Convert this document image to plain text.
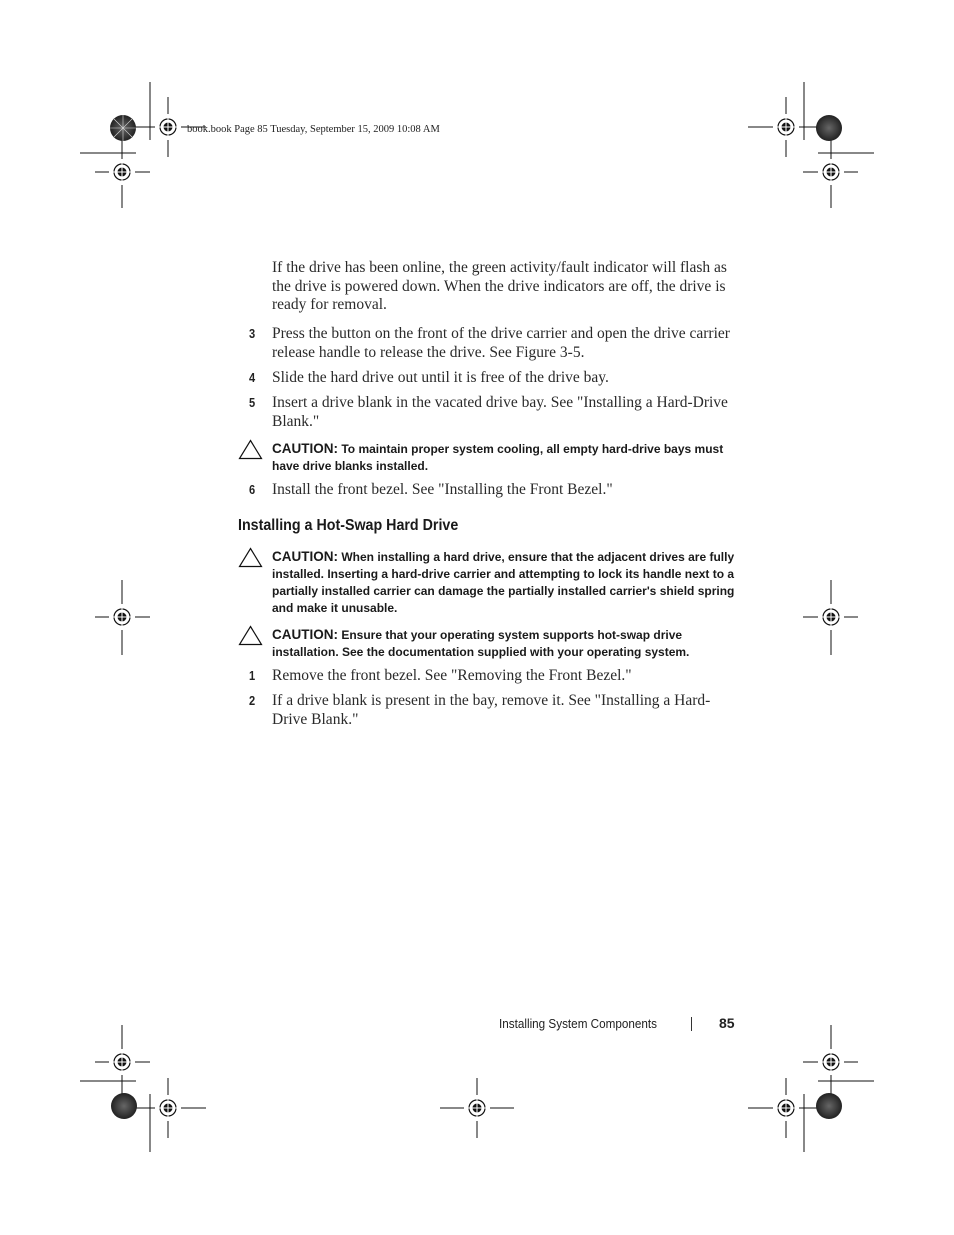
book.book Page 85 Tuesday, September 15, 2009 10:08 AM
If the drive has been online, the green activity/fault indicator will flash as the drive is powered down. When the drive indicators are off, the drive is ready for removal.
3 Press the button on the front of the drive carrier and open the drive carrier release handle to release the drive. See Figure 3-5.
4 Slide the hard drive out until it is free of the drive bay.
5 Insert a drive blank in the vacated drive bay. See "Installing a Hard-Drive Blank."
CAUTION: To maintain proper system cooling, all empty hard-drive bays must have drive blanks installed.
6 Install the front bezel. See "Installing the Front Bezel."
Installing a Hot-Swap Hard Drive
CAUTION: When installing a hard drive, ensure that the adjacent drives are fully installed. Inserting a hard-drive carrier and attempting to lock its handle next to a partially installed carrier can damage the partially installed carrier's shield spring and make it unusable.
CAUTION: Ensure that your operating system supports hot-swap drive installation. See the documentation supplied with your operating system.
1 Remove the front bezel. See "Removing the Front Bezel."
2 If a drive blank is present in the bay, remove it. See "Installing a Hard-Drive Blank."
Installing System Components	85
